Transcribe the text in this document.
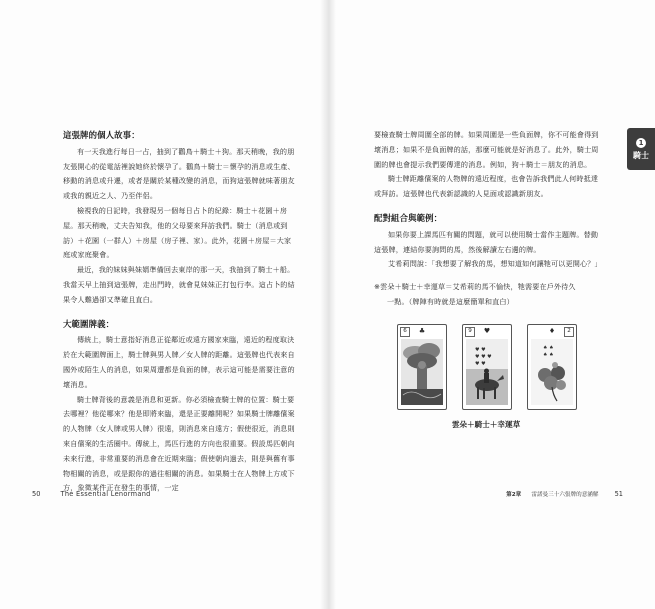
這張牌的個人故事：

有一天我進行每日一占，抽到了鸛鳥＋騎士＋狗。那天稍晚，我的朋友張開心的從電話裡說她終於懷孕了。鸛鳥＋騎士＝懷孕的消息或生產、移動的消息或升遷，或者是關於某種改變的消息，而狗這張牌就味著朋友或我的親近之人、乃至伴侶。

檢視我的日記時，我發現另一個每日占卜的紀錄：騎士＋花園＋房屋。那天稍晚，丈夫告知我，他的父母要來拜訪我們。騎士（消息或到訪）＋花園（一群人）＋房屋（房子裡、家）。此外，花園＋房屋＝大家庭或家庭聚會。

最近，我的妹妹與妹婿準備回去東岸的那一天，我抽到了騎士＋船。我當天早上抽到這張牌，走出門時，就會見妹妹正打包行李。這占卜的結果令人難過卻又準確且直白。

大範圍牌義：

傳統上，騎士意指好消息正從鄰近或遠方國家來臨，遠近的程度取決於在大範圍牌面上，騎士牌與男人牌／女人牌的距離。這張牌也代表來自國外或陌生人的消息，如果周遭都是負面的牌，表示這可能是需要注意的壞消息。

騎士牌背後的意義是消息和更新。你必須檢查騎士牌的位置：騎士要去哪裡？他從哪來？他是即將來臨，還是正要離開呢？如果騎士牌離儐案的人物牌（女人牌或男人牌）很遠，則消息來自遠方；假使很近，消息則來自儐案的生活圈中。傳統上，馬匹行進的方向也很重要。假設馬匹朝向未來行進，非常重要的消息會在近期來臨；假使朝向過去，則是與舊有事物相關的消息，或是跟你的過往相關的消息。如果騎士在人物牌上方或下方，象徵某件正在發生的事情，一定

50	The Essential Lenormand
1
騎士

要檢查騎士牌周圍全部的牌。如果周圍是一些負面牌，你不可能會得到壞消息；如果不是負面牌的話，那麼可能就是好消息了。此外，騎士周圍的牌也會提示我們要傳達的消息。例如，狗＋騎士＝朋友的消息。

騎士牌距離儐案的人物牌的遠近程度，也會告訴我們此人何時抵達或拜訪。這張牌也代表新認識的人見面或認識新朋友。

配對組合與範例：

如果你要上課馬匹有關的問題，就可以使用騎士當作主題牌。替動這張牌，連結你要詢問的馬，然後解讀左右邊的牌。

艾希莉問說：「我想要了解我的馬，想知道如何讓牠可以更開心？」

※雲朵＋騎士＋幸運草＝艾希莉的馬不愉快，牠需要在戶外待久
一點。（牌陣有時就是這麼簡單和直白）

6	♣	9	♥
♥ ♥
♥ ♥ ♥
♥ ♥
2
♦
♠ ♠
♠ ♠
雲朵＋騎士＋幸運草
第2章 雷諾曼三十六張牌的意涵解 51
